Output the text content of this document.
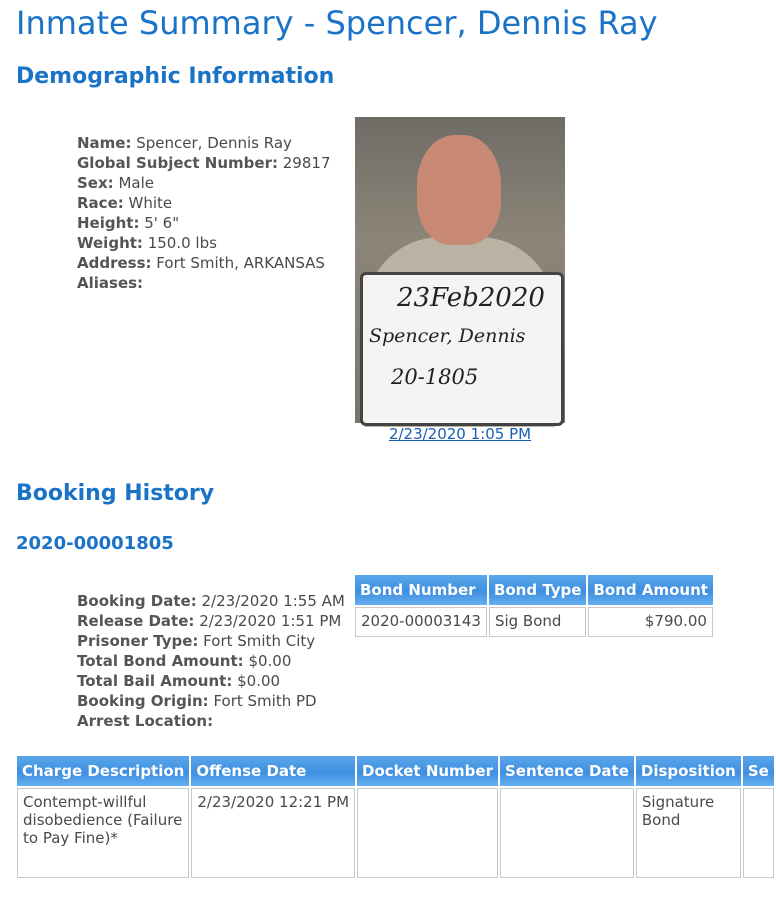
Inmate Summary - Spencer, Dennis Ray
Demographic Information
Name: Spencer, Dennis Ray
Global Subject Number: 29817
Sex: Male
Race: White
Height: 5' 6"
Weight: 150.0 lbs
Address: Fort Smith, ARKANSAS
Aliases:	23Feb2020
Spencer, Dennis
20-1805
2/23/2020 1:05 PM
Booking History
2020-00001805
Booking Date: 2/23/2020 1:55 AM
Release Date: 2/23/2020 1:51 PM
Prisoner Type: Fort Smith City
Total Bond Amount: $0.00
Total Bail Amount: $0.00
Booking Origin: Fort Smith PD
Arrest Location:
Bond Number	Bond Type	Bond Amount
2020-00003143	Sig Bond	$790.00
Charge Description	Offense Date	Docket Number	Sentence Date	Disposition	Se
Contempt-willful disobedience (Failure to Pay Fine)*	2/23/2020 12:21 PM			Signature Bond	
